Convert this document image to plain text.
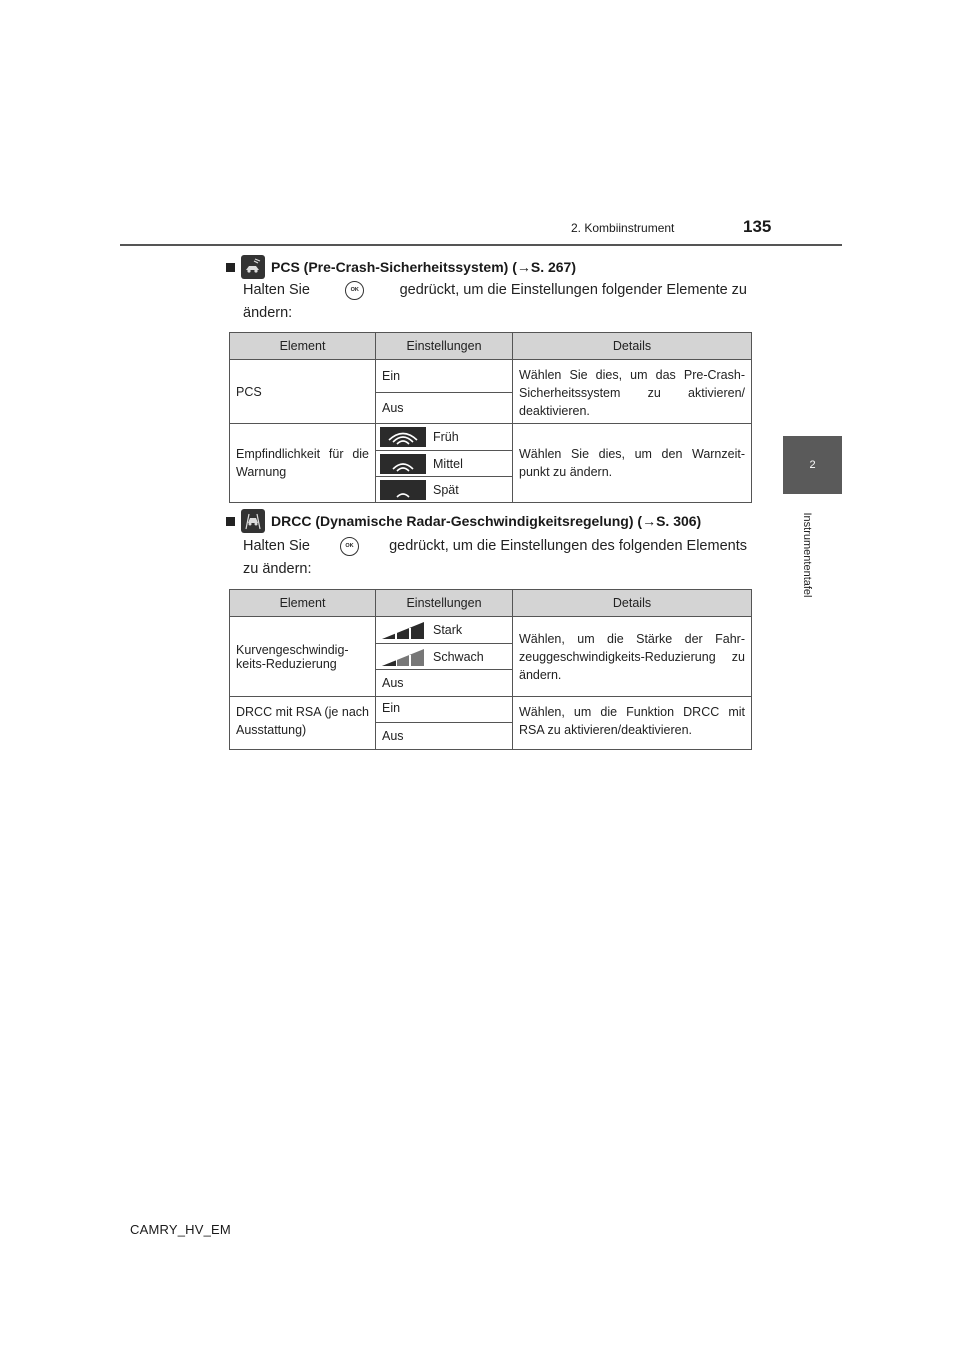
2. Kombiinstrument	135
2
Instrumententafel
PCS (Pre-Crash-Sicherheitssystem) (→S. 267)
Halten Sie	OK	gedrückt, um die Einstellungen folgender Elemente zu
ändern:
Element	Einstellungen	Details
PCS	Ein	Wählen Sie dies, um das Pre-Crash-Sicherheitssystem zu aktivieren/ deaktivieren.
	Aus	
Empfindlichkeit für die Warnung	Früh	Wählen Sie dies, um den Warnzeit-punkt zu ändern.

	Mittel	

	Spät	
DRCC (Dynamische Radar-Geschwindigkeitsregelung) (→S. 306)
Halten Sie	OK	gedrückt, um die Einstellungen des folgenden Elements
zu ändern:
Element	Einstellungen	Details
Kurvengeschwindig-keits-Reduzierung	Stark	Wählen, um die Stärke der Fahr-zeuggeschwindigkeits-Reduzierung zu ändern.

	Schwach	

	Aus	
DRCC mit RSA (je nach Ausstattung)	Ein	Wählen, um die Funktion DRCC mit RSA zu aktivieren/deaktivieren.
	Aus	
CAMRY_HV_EM
